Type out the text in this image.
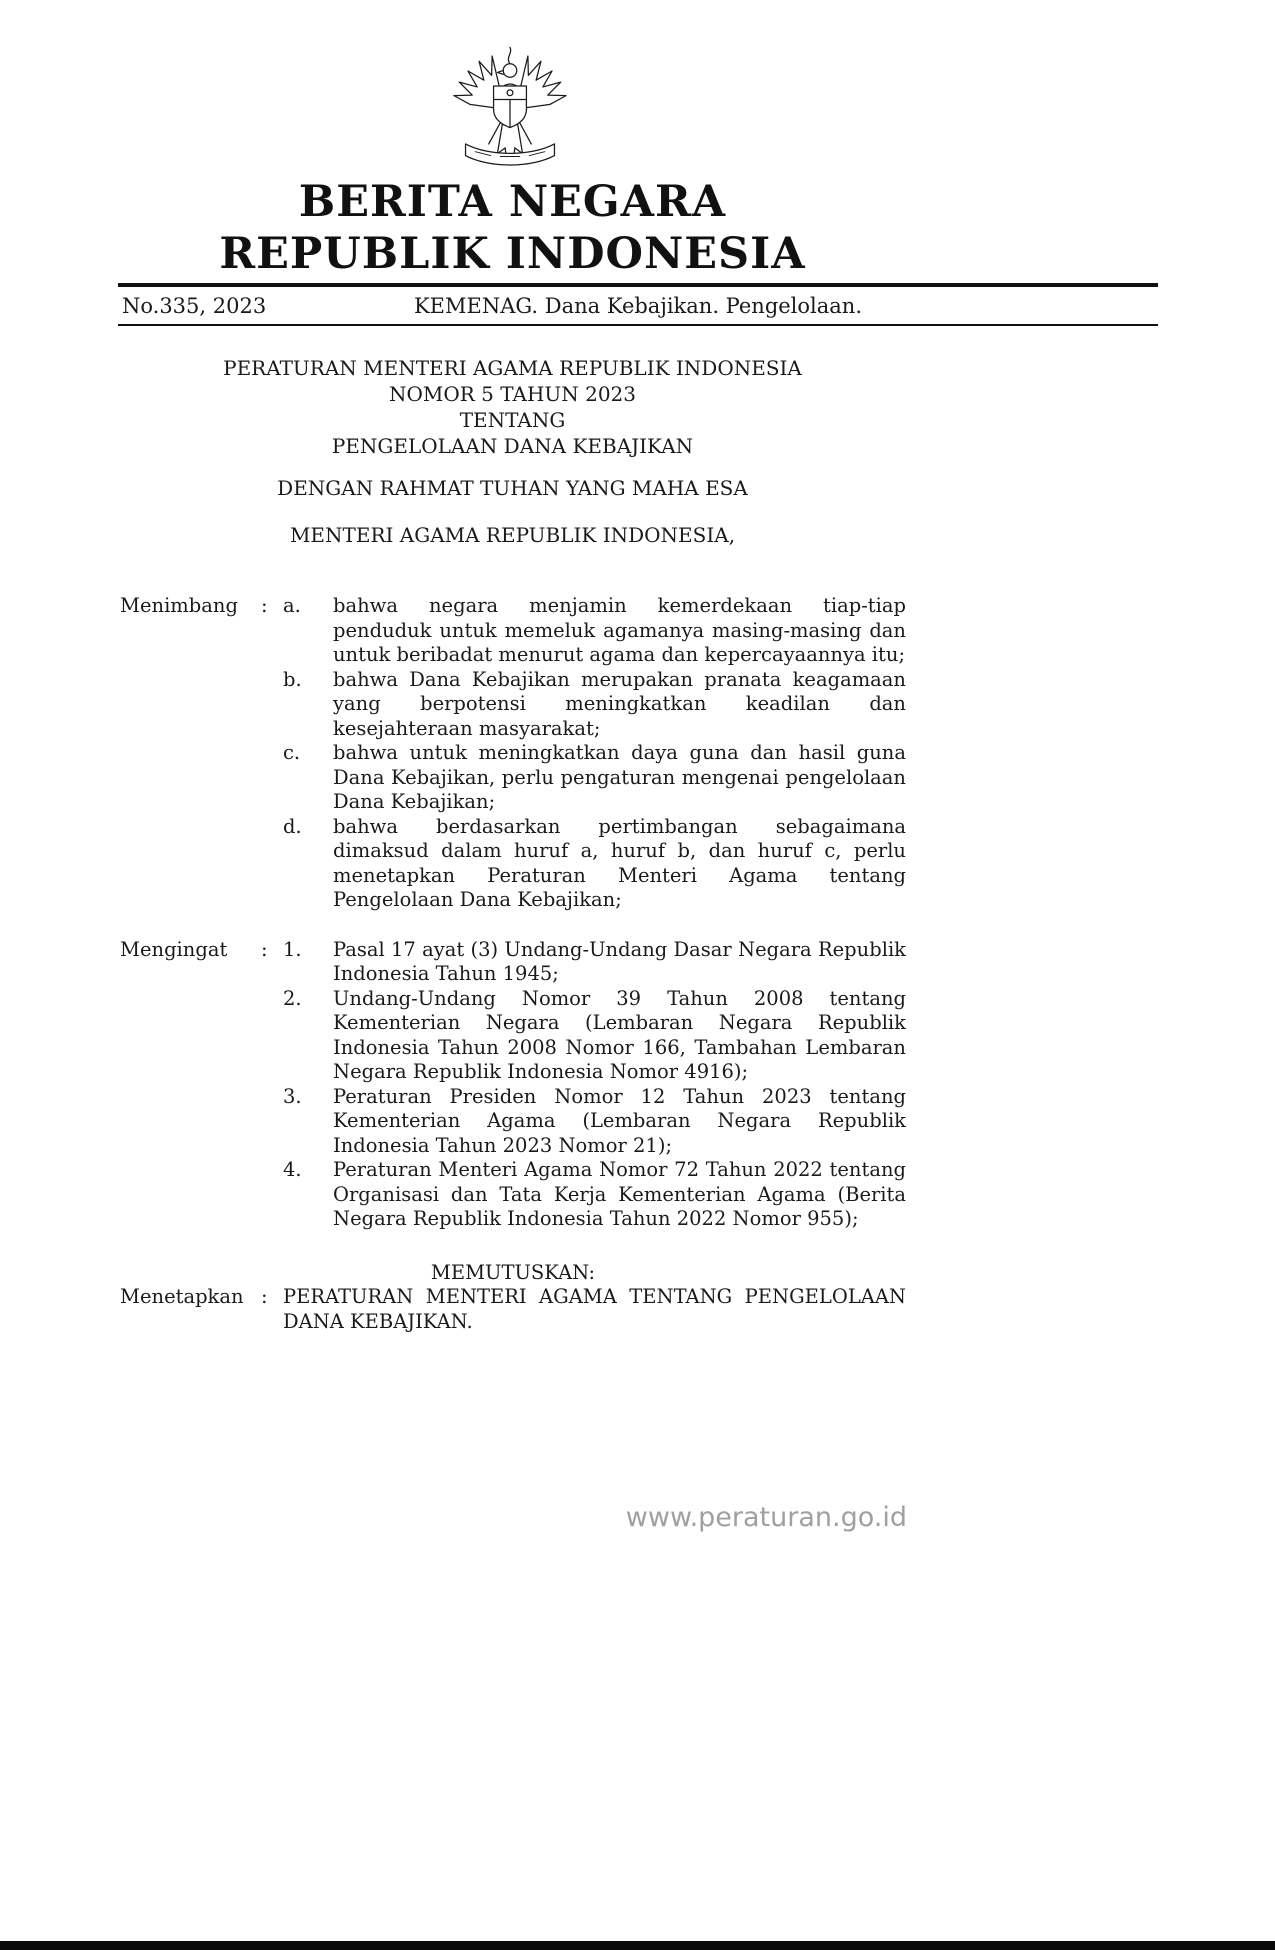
BERITA NEGARA
REPUBLIK INDONESIA
No.335, 2023	KEMENAG. Dana Kebajikan. Pengelolaan.
PERATURAN MENTERI AGAMA REPUBLIK INDONESIA
NOMOR 5 TAHUN 2023
TENTANG
PENGELOLAAN DANA KEBAJIKAN
DENGAN RAHMAT TUHAN YANG MAHA ESA
MENTERI AGAMA REPUBLIK INDONESIA,
Menimbang	: a.	bahwa negara menjamin kemerdekaan tiap-tiap penduduk untuk memeluk agamanya masing-masing dan untuk beribadat menurut agama dan kepercayaannya itu;
b.	bahwa Dana Kebajikan merupakan pranata keagamaan yang berpotensi meningkatkan keadilan dan kesejahteraan masyarakat;
c.	bahwa untuk meningkatkan daya guna dan hasil guna Dana Kebajikan, perlu pengaturan mengenai pengelolaan Dana Kebajikan;
d.	bahwa berdasarkan pertimbangan sebagaimana dimaksud dalam huruf a, huruf b, dan huruf c, perlu menetapkan Peraturan Menteri Agama tentang Pengelolaan Dana Kebajikan;
Mengingat	: 1.	Pasal 17 ayat (3) Undang-Undang Dasar Negara Republik Indonesia Tahun 1945;
2.	Undang-Undang Nomor 39 Tahun 2008 tentang Kementerian Negara (Lembaran Negara Republik Indonesia Tahun 2008 Nomor 166, Tambahan Lembaran Negara Republik Indonesia Nomor 4916);
3.	Peraturan Presiden Nomor 12 Tahun 2023 tentang Kementerian Agama (Lembaran Negara Republik Indonesia Tahun 2023 Nomor 21);
4.	Peraturan Menteri Agama Nomor 72 Tahun 2022 tentang Organisasi dan Tata Kerja Kementerian Agama (Berita Negara Republik Indonesia Tahun 2022 Nomor 955);
MEMUTUSKAN:
Menetapkan : PERATURAN MENTERI AGAMA TENTANG PENGELOLAAN DANA KEBAJIKAN.
www.peraturan.go.id
